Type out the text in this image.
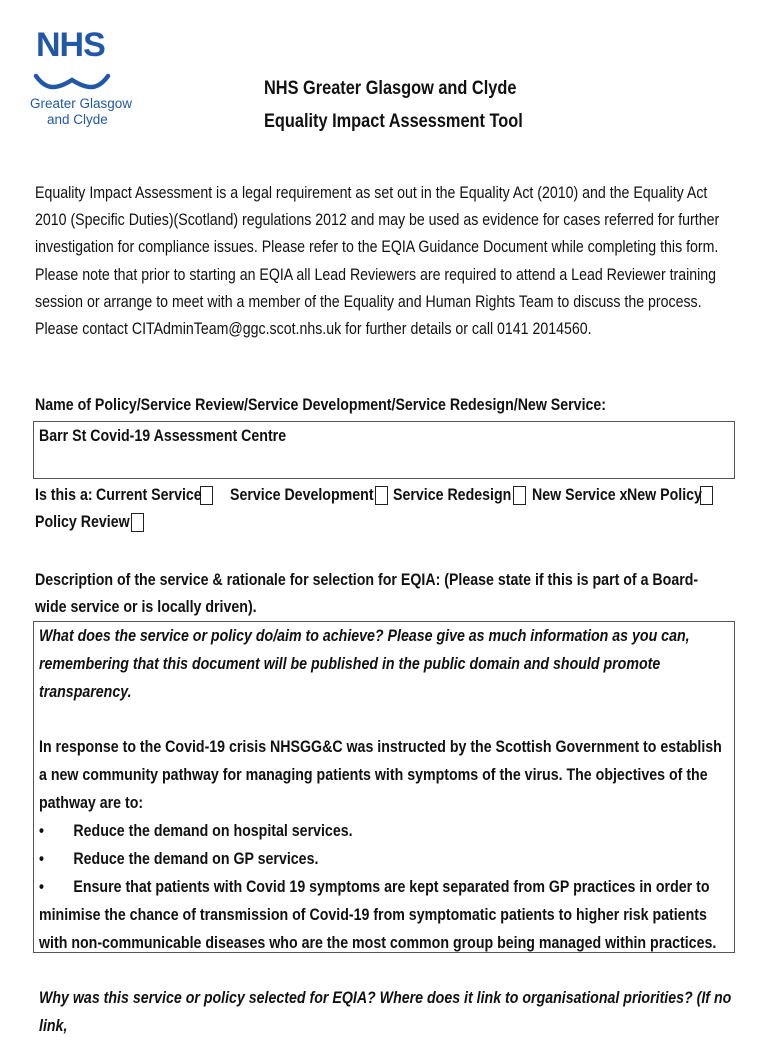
NHS
Greater Glasgow
and Clyde
NHS Greater Glasgow and Clyde
Equality Impact Assessment Tool

Equality Impact Assessment is a legal requirement as set out in the Equality Act (2010) and the Equality Act 2010 (Specific Duties)(Scotland) regulations 2012 and may be used as evidence for cases referred for further investigation for compliance issues. Please refer to the EQIA Guidance Document while completing this form. Please note that prior to starting an EQIA all Lead Reviewers are required to attend a Lead Reviewer training session or arrange to meet with a member of the Equality and Human Rights Team to discuss the process. Please contact CITAdminTeam@ggc.scot.nhs.uk for further details or call 0141 2014560.

Name of Policy/Service Review/Service Development/Service Redesign/New Service:
Barr St Covid-19 Assessment Centre
Is this a: Current Service Service Development Service Redesign New Service x New Policy
Policy Review
Description of the service & rationale for selection for EQIA: (Please state if this is part of a Board-wide service or is locally driven).
What does the service or policy do/aim to achieve? Please give as much information as you can, remembering that this document will be published in the public domain and should promote transparency.
In response to the Covid-19 crisis NHSGG&C was instructed by the Scottish Government to establish a new community pathway for managing patients with symptoms of the virus. The objectives of the pathway are to:
•	Reduce the demand on hospital services.
•	Reduce the demand on GP services.
• Ensure that patients with Covid 19 symptoms are kept separated from GP practices in order to minimise the chance of transmission of Covid-19 from symptomatic patients to higher risk patients with non-communicable diseases who are the most common group being managed within practices.
Why was this service or policy selected for EQIA? Where does it link to organisational priorities? (If no link,
